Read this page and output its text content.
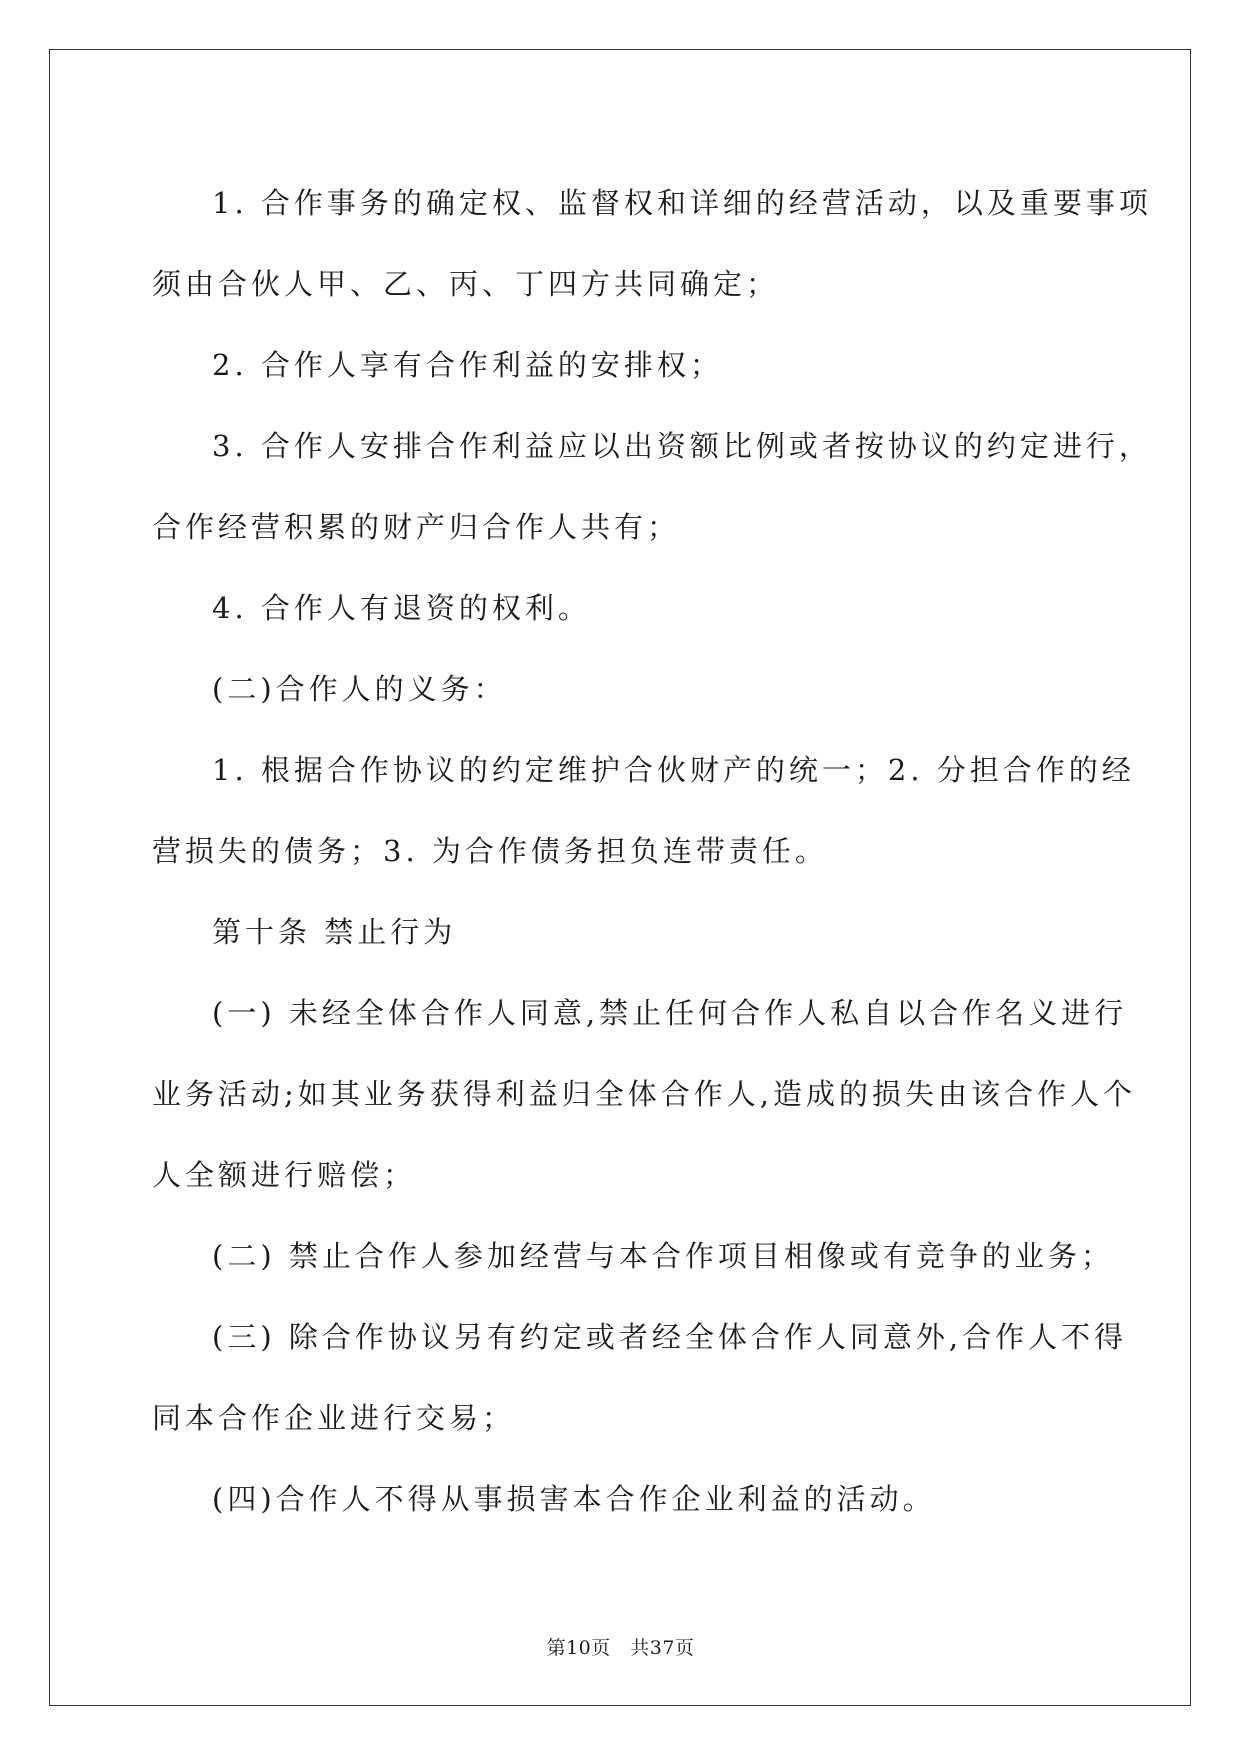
1. 合作事务的确定权、监督权和详细的经营活动，以及重要事项

须由合伙人甲、乙、丙、丁四方共同确定；

2. 合作人享有合作利益的安排权；

3. 合作人安排合作利益应以出资额比例或者按协议的约定进行，

合作经营积累的财产归合作人共有；

4. 合作人有退资的权利。

(二)合作人的义务：

1. 根据合作协议的约定维护合伙财产的统一；2. 分担合作的经

营损失的债务；3. 为合作债务担负连带责任。

第十条 禁止行为

(一) 未经全体合作人同意,禁止任何合作人私自以合作名义进行

业务活动;如其业务获得利益归全体合作人,造成的损失由该合作人个

人全额进行赔偿；

(二) 禁止合作人参加经营与本合作项目相像或有竞争的业务；

(三) 除合作协议另有约定或者经全体合作人同意外,合作人不得

同本合作企业进行交易；

(四)合作人不得从事损害本合作企业利益的活动。

第10页　共37页
